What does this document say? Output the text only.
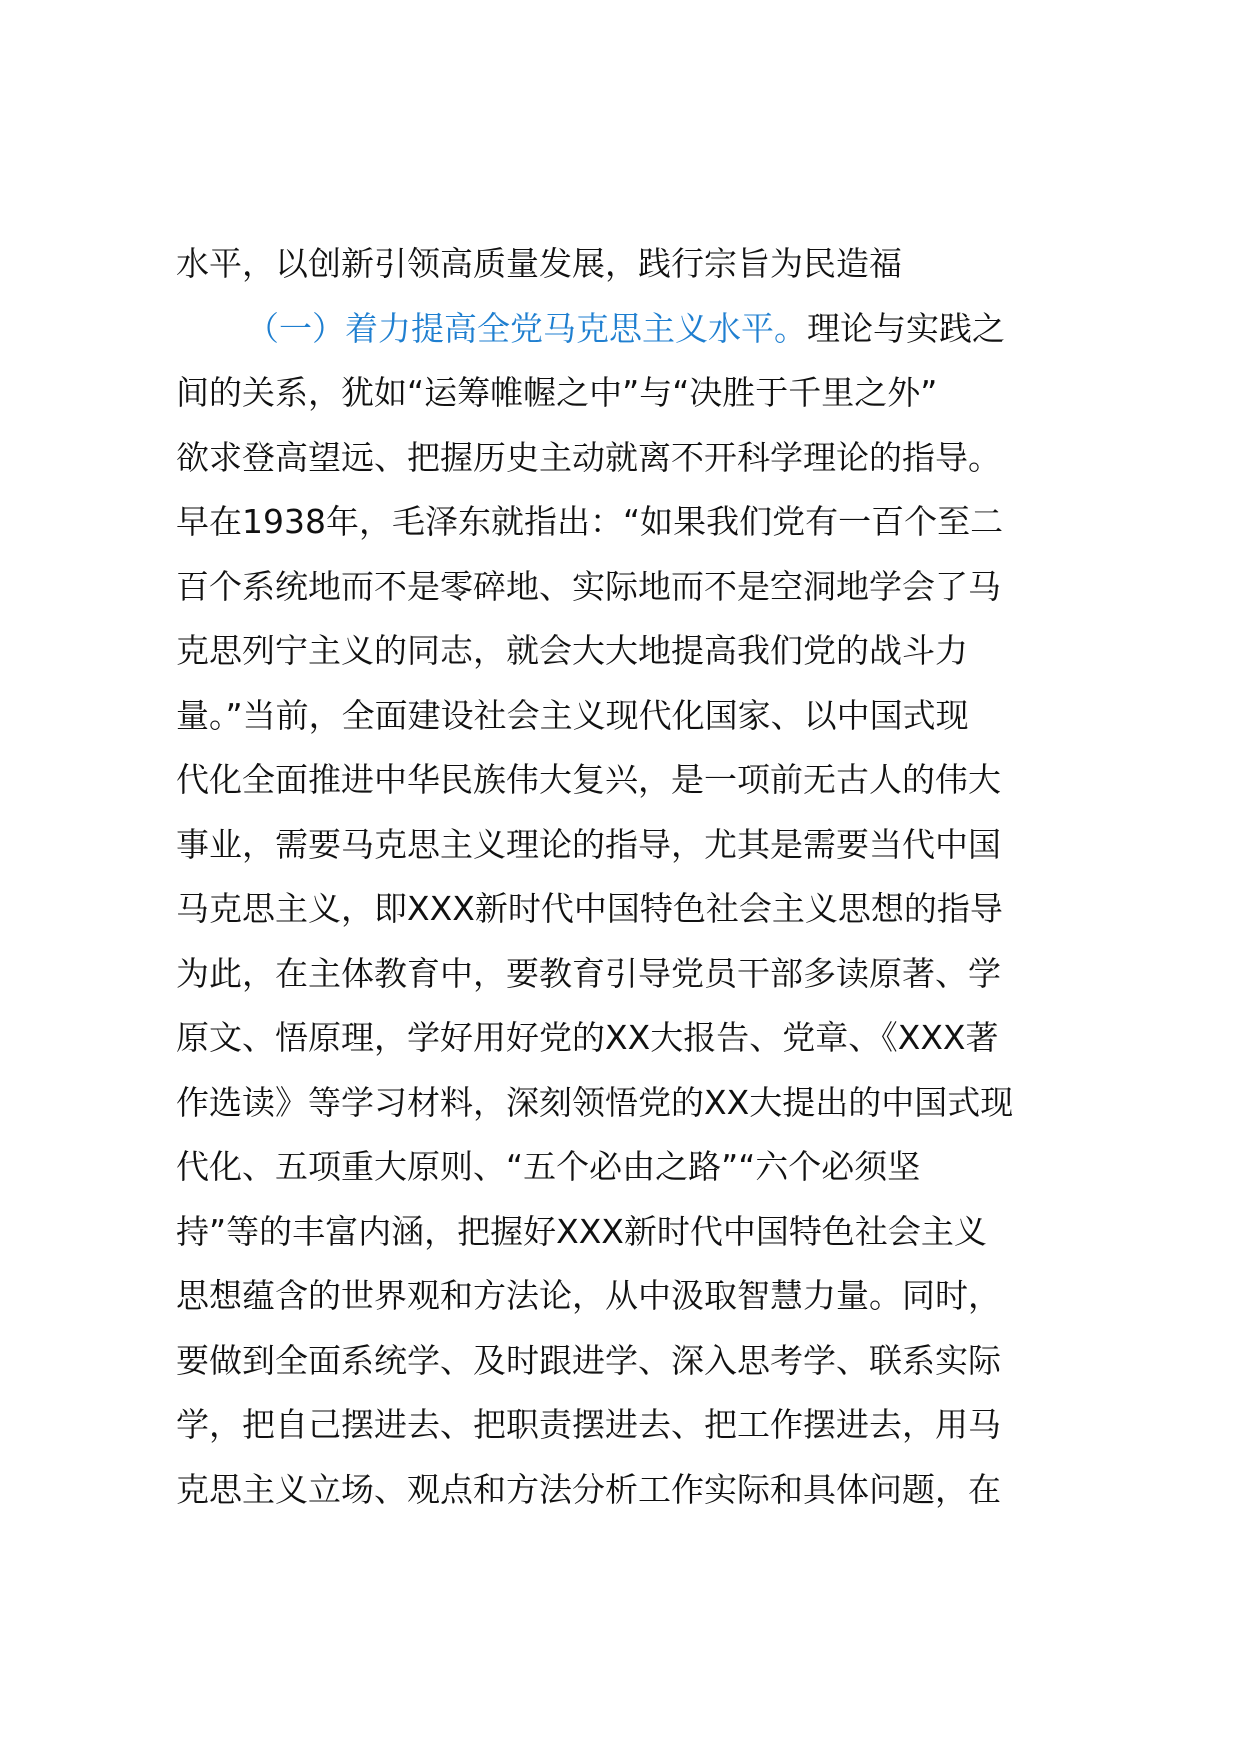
水平，以创新引领高质量发展，践行宗旨为民造福
（一）着力提高全党马克思主义水平。理论与实践之
间的关系，犹如“运筹帷幄之中”与“决胜于千里之外”
欲求登高望远、把握历史主动就离不开科学理论的指导。
早在1938年，毛泽东就指出：“如果我们党有一百个至二
百个系统地而不是零碎地、实际地而不是空洞地学会了马
克思列宁主义的同志，就会大大地提高我们党的战斗力
量。”当前，全面建设社会主义现代化国家、以中国式现
代化全面推进中华民族伟大复兴，是一项前无古人的伟大
事业，需要马克思主义理论的指导，尤其是需要当代中国
马克思主义，即XXX新时代中国特色社会主义思想的指导
为此，在主体教育中，要教育引导党员干部多读原著、学
原文、悟原理，学好用好党的XX大报告、党章、《XXX著
作选读》等学习材料，深刻领悟党的XX大提出的中国式现
代化、五项重大原则、“五个必由之路”“六个必须坚
持”等的丰富内涵，把握好XXX新时代中国特色社会主义
思想蕴含的世界观和方法论，从中汲取智慧力量。同时，
要做到全面系统学、及时跟进学、深入思考学、联系实际
学，把自己摆进去、把职责摆进去、把工作摆进去，用马
克思主义立场、观点和方法分析工作实际和具体问题，在
